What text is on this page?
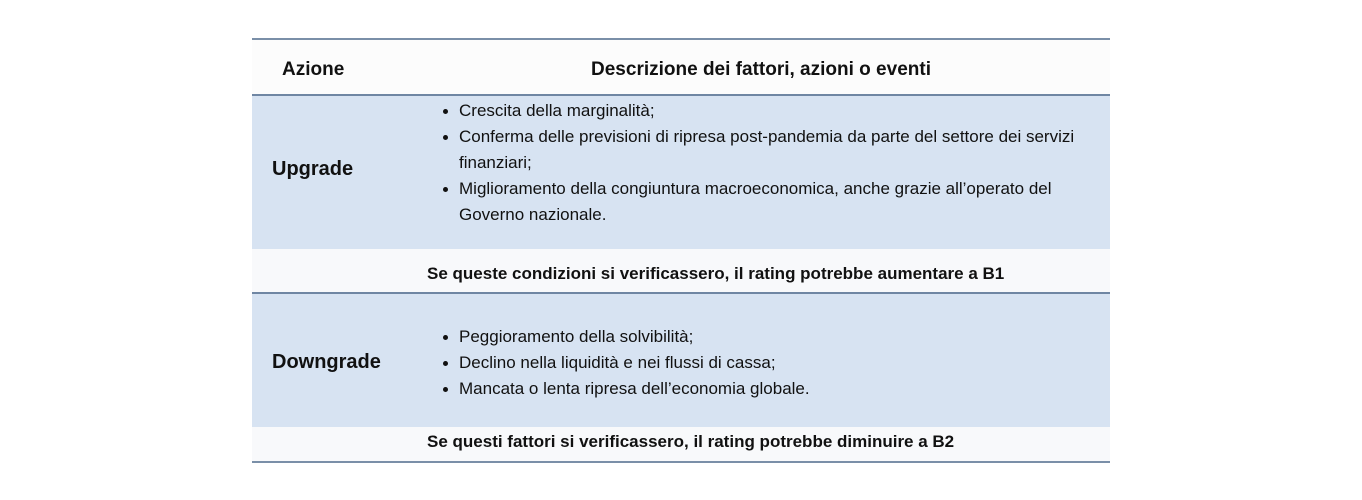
Azione	Descrizione dei fattori, azioni o eventi
Upgrade
Crescita della marginalità;
Conferma delle previsioni di ripresa post-pandemia da parte del settore dei servizi finanziari;
Miglioramento della congiuntura macroeconomica, anche grazie all’operato del Governo nazionale.
Se queste condizioni si verificassero, il rating potrebbe aumentare a B1
Downgrade
Peggioramento della solvibilità;
Declino nella liquidità e nei flussi di cassa;
Mancata o lenta ripresa dell’economia globale.
Se questi fattori si verificassero, il rating potrebbe diminuire a B2
